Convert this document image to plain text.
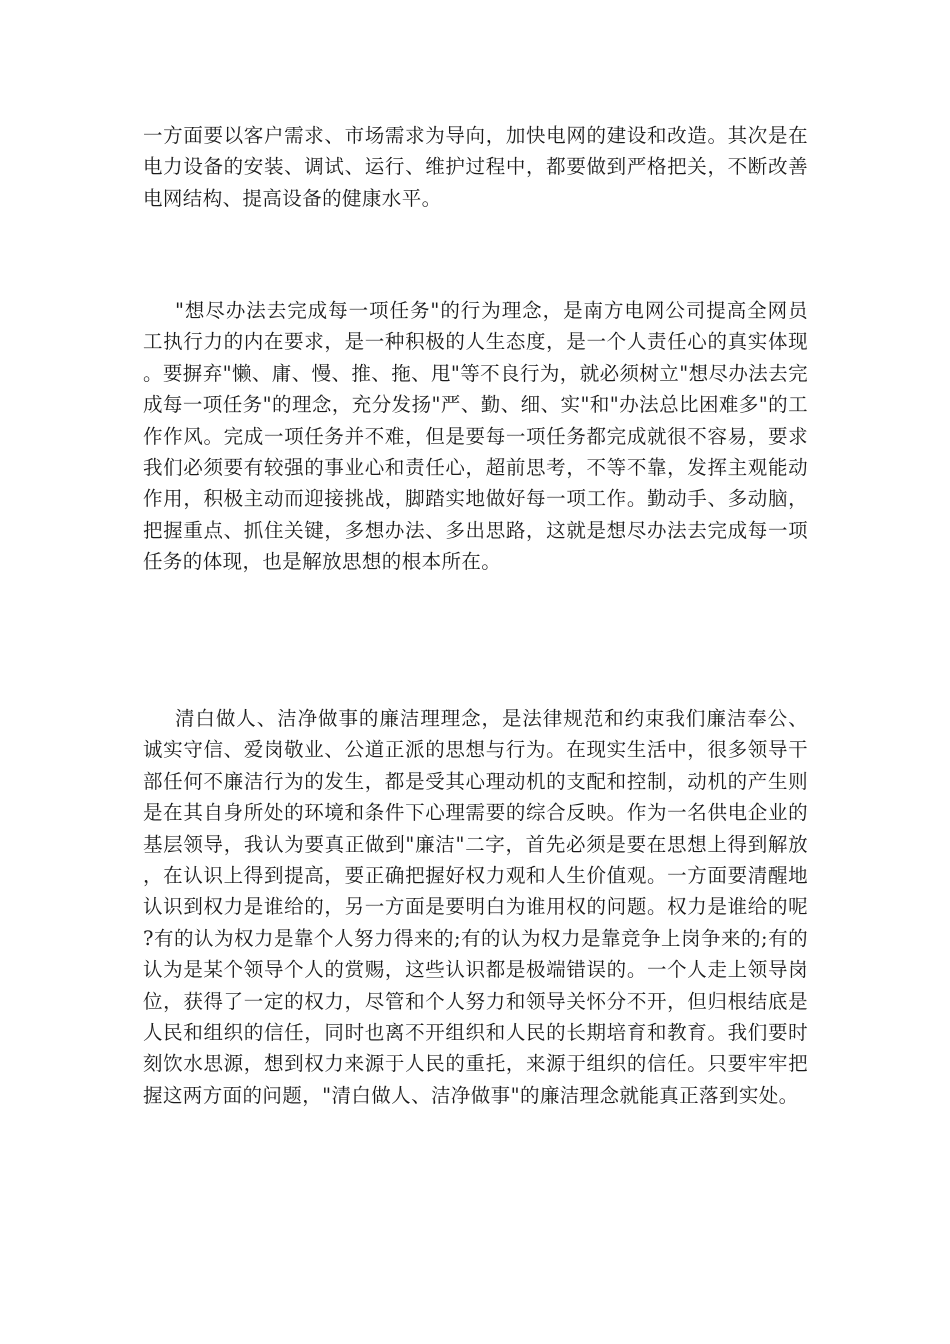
一方面要以客户需求、市场需求为导向，加快电网的建设和改造。其次是在电力设备的安装、调试、运行、维护过程中，都要做到严格把关，不断改善电网结构、提高设备的健康水平。

"想尽办法去完成每一项任务"的行为理念，是南方电网公司提高全网员工执行力的内在要求，是一种积极的人生态度，是一个人责任心的真实体现。要摒弃"懒、庸、慢、推、拖、甩"等不良行为，就必须树立"想尽办法去完成每一项任务"的理念，充分发扬"严、勤、细、实"和"办法总比困难多"的工作作风。完成一项任务并不难，但是要每一项任务都完成就很不容易，要求我们必须要有较强的事业心和责任心，超前思考，不等不靠，发挥主观能动作用，积极主动而迎接挑战，脚踏实地做好每一项工作。勤动手、多动脑，把握重点、抓住关键，多想办法、多出思路，这就是想尽办法去完成每一项任务的体现，也是解放思想的根本所在。

清白做人、洁净做事的廉洁理理念，是法律规范和约束我们廉洁奉公、诚实守信、爱岗敬业、公道正派的思想与行为。在现实生活中，很多领导干部任何不廉洁行为的发生，都是受其心理动机的支配和控制，动机的产生则是在其自身所处的环境和条件下心理需要的综合反映。作为一名供电企业的基层领导，我认为要真正做到"廉洁"二字，首先必须是要在思想上得到解放，在认识上得到提高，要正确把握好权力观和人生价值观。一方面要清醒地认识到权力是谁给的，另一方面是要明白为谁用权的问题。权力是谁给的呢?有的认为权力是靠个人努力得来的;有的认为权力是靠竞争上岗争来的;有的认为是某个领导个人的赏赐，这些认识都是极端错误的。一个人走上领导岗位，获得了一定的权力，尽管和个人努力和领导关怀分不开，但归根结底是人民和组织的信任，同时也离不开组织和人民的长期培育和教育。我们要时刻饮水思源，想到权力来源于人民的重托，来源于组织的信任。只要牢牢把握这两方面的问题，"清白做人、洁净做事"的廉洁理念就能真正落到实处。
